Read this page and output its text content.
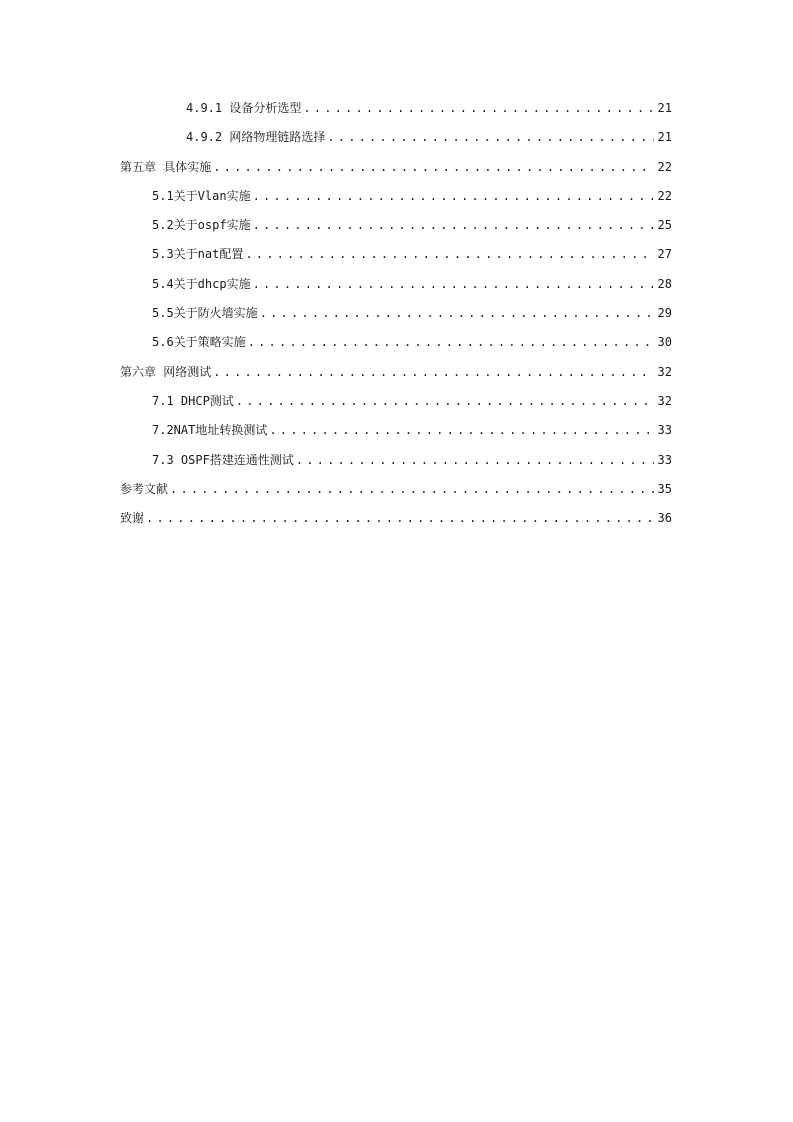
4.9.1 设备分析选型 .....	21
4.9.2 网络物理链路选择 .....	21
第五章 具体实施 .....	22
5.1关于Vlan实施 .....	22
5.2关于ospf实施 .....	25
5.3关于nat配置 .....	27
5.4关于dhcp实施 .....	28
5.5关于防火墙实施 .....	29
5.6关于策略实施 .....	30
第六章 网络测试 .....	32
7.1 DHCP测试 .....	32
7.2NAT地址转换测试 .....	33
7.3 OSPF搭建连通性测试 .....	33
参考文献 .....	35
致谢 .....	36
